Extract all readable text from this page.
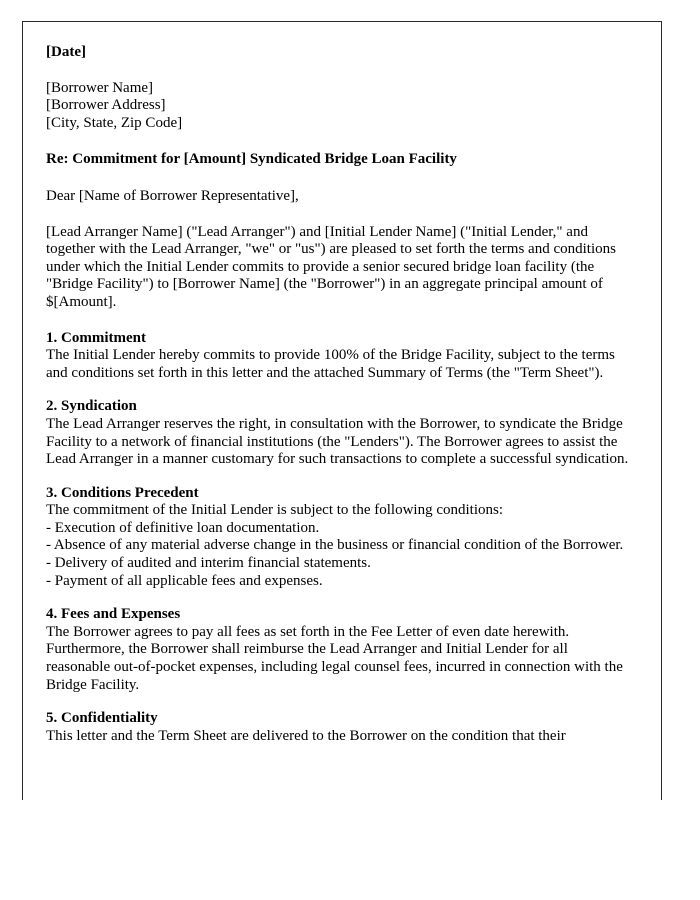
[Date]

[Borrower Name]
[Borrower Address]
[City, State, Zip Code]

Re: Commitment for [Amount] Syndicated Bridge Loan Facility

Dear [Name of Borrower Representative],

[Lead Arranger Name] ("Lead Arranger") and [Initial Lender Name] ("Initial Lender," and together with the Lead Arranger, "we" or "us") are pleased to set forth the terms and conditions under which the Initial Lender commits to provide a senior secured bridge loan facility (the "Bridge Facility") to [Borrower Name] (the "Borrower") in an aggregate principal amount of $[Amount].

1. Commitment
The Initial Lender hereby commits to provide 100% of the Bridge Facility, subject to the terms and conditions set forth in this letter and the attached Summary of Terms (the "Term Sheet").
2. Syndication
The Lead Arranger reserves the right, in consultation with the Borrower, to syndicate the Bridge Facility to a network of financial institutions (the "Lenders"). The Borrower agrees to assist the Lead Arranger in a manner customary for such transactions to complete a successful syndication.
3. Conditions Precedent
The commitment of the Initial Lender is subject to the following conditions:
- Execution of definitive loan documentation.
- Absence of any material adverse change in the business or financial condition of the Borrower.
- Delivery of audited and interim financial statements.
- Payment of all applicable fees and expenses.
4. Fees and Expenses
The Borrower agrees to pay all fees as set forth in the Fee Letter of even date herewith. Furthermore, the Borrower shall reimburse the Lead Arranger and Initial Lender for all reasonable out-of-pocket expenses, including legal counsel fees, incurred in connection with the Bridge Facility.
5. Confidentiality
This letter and the Term Sheet are delivered to the Borrower on the condition that their
